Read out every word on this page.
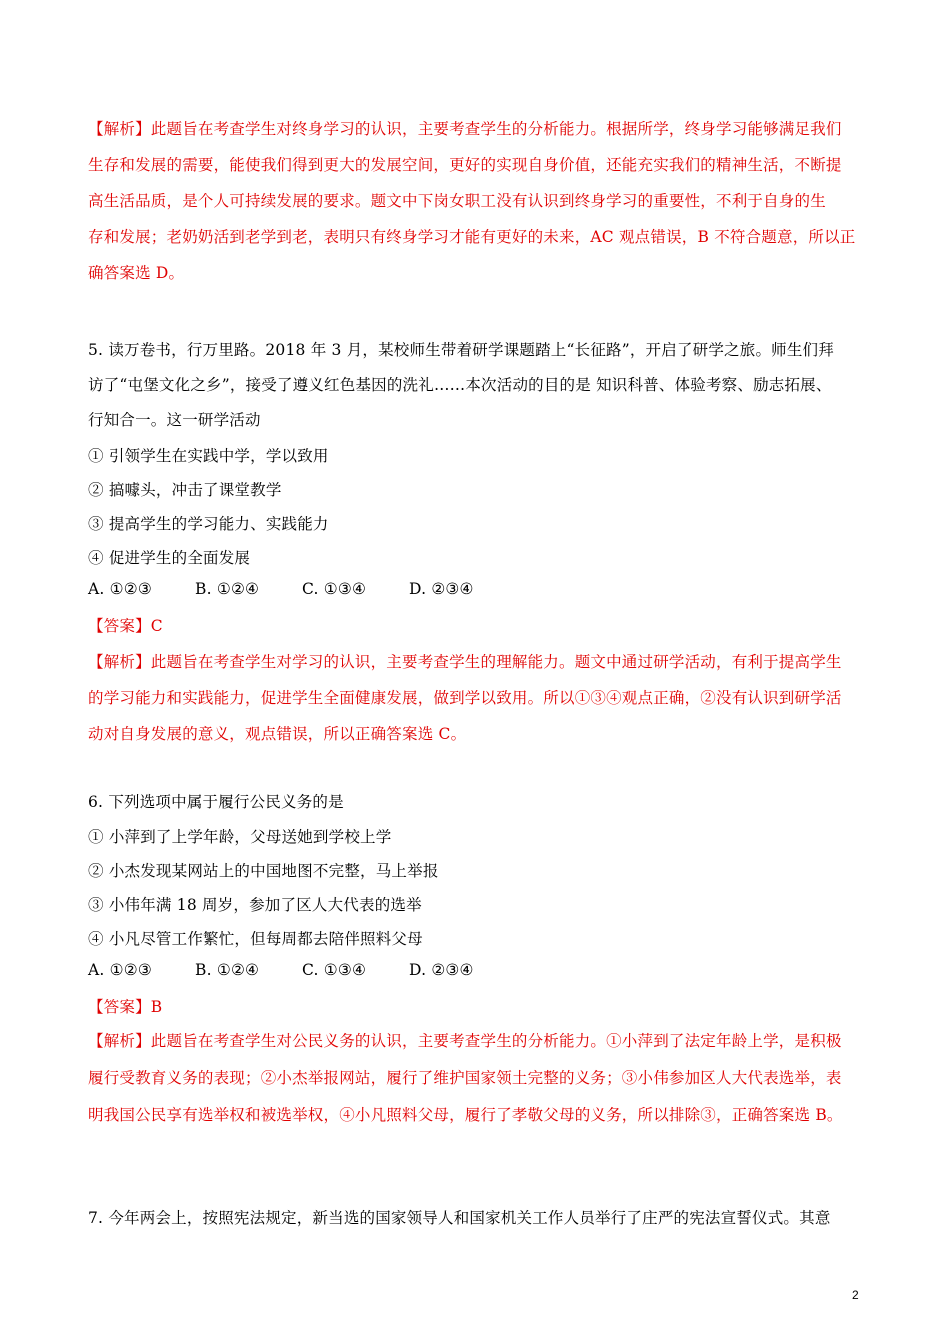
【解析】此题旨在考查学生对终身学习的认识，主要考查学生的分析能力。根据所学，终身学习能够满足我们
生存和发展的需要，能使我们得到更大的发展空间，更好的实现自身价值，还能充实我们的精神生活，不断提
高生活品质，是个人可持续发展的要求。题文中下岗女职工没有认识到终身学习的重要性，不利于自身的生
存和发展；老奶奶活到老学到老，表明只有终身学习才能有更好的未来，AC 观点错误，B 不符合题意，所以正
确答案选 D。
5. 读万卷书，行万里路。2018 年 3 月，某校师生带着研学课题踏上“长征路”，开启了研学之旅。师生们拜
访了“屯堡文化之乡”，接受了遵义红色基因的洗礼……本次活动的目的是 知识科普、体验考察、励志拓展、
行知合一。这一研学活动
① 引领学生在实践中学，学以致用
② 搞噱头，冲击了课堂教学
③ 提高学生的学习能力、实践能力
④ 促进学生的全面发展
A. ①②③	B. ①②④	C. ①③④	D. ②③④
【答案】C
【解析】此题旨在考查学生对学习的认识，主要考查学生的理解能力。题文中通过研学活动，有利于提高学生
的学习能力和实践能力，促进学生全面健康发展，做到学以致用。所以①③④观点正确，②没有认识到研学活
动对自身发展的意义，观点错误，所以正确答案选 C。
6. 下列选项中属于履行公民义务的是
① 小萍到了上学年龄，父母送她到学校上学
② 小杰发现某网站上的中国地图不完整，马上举报
③ 小伟年满 18 周岁，参加了区人大代表的选举
④ 小凡尽管工作繁忙，但每周都去陪伴照料父母
A. ①②③	B. ①②④	C. ①③④	D. ②③④
【答案】B
【解析】此题旨在考查学生对公民义务的认识，主要考查学生的分析能力。①小萍到了法定年龄上学，是积极
履行受教育义务的表现；②小杰举报网站，履行了维护国家领土完整的义务；③小伟参加区人大代表选举，表
明我国公民享有选举权和被选举权，④小凡照料父母，履行了孝敬父母的义务，所以排除③，正确答案选 B。
7. 今年两会上，按照宪法规定，新当选的国家领导人和国家机关工作人员举行了庄严的宪法宣誓仪式。其意
2
